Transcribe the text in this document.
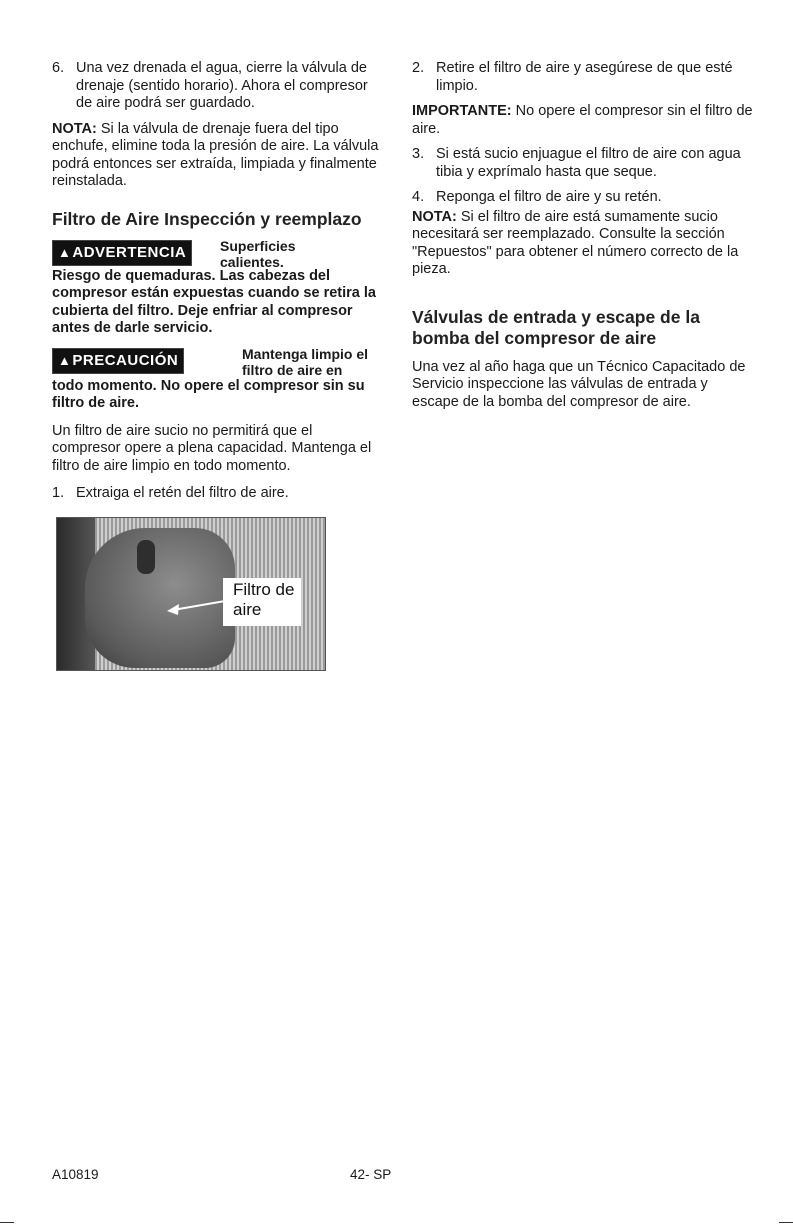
6. Una vez drenada el agua, cierre la válvula de drenaje (sentido horario). Ahora el compresor de aire podrá ser guardado.

NOTA: Si la válvula de drenaje fuera del tipo enchufe, elimine toda la presión de aire. La válvula podrá entonces ser extraída, limpiada y finalmente reinstalada.

Filtro de Aire Inspección y reemplazo
▲ADVERTENCIA Superficies calientes.

Riesgo de quemaduras. Las cabezas del compresor están expuestas cuando se retira la cubierta del filtro. Deje enfriar al compresor antes de darle servicio.

▲PRECAUCIÓN	Mantenga limpio el filtro de aire en

todo momento. No opere el compresor sin su filtro de aire.

Un filtro de aire sucio no permitirá que el compresor opere a plena capacidad. Mantenga el filtro de aire limpio en todo momento.

1. Extraiga el retén del filtro de aire.

Filtro de aire
2. Retire el filtro de aire y asegúrese de que esté limpio.

IMPORTANTE: No opere el compresor sin el filtro de aire.

3. Si está sucio enjuague el filtro de aire con agua tibia y exprímalo hasta que seque.

4. Reponga el filtro de aire y su retén.

NOTA: Si el filtro de aire está sumamente sucio necesitará ser reemplazado. Consulte la sección "Repuestos" para obtener el número correcto de la pieza.

Válvulas de entrada y escape de la bomba del compresor de aire

Una vez al año haga que un Técnico Capacitado de Servicio inspeccione las válvulas de entrada y escape de la bomba del compresor de aire.

A10819	42- SP
